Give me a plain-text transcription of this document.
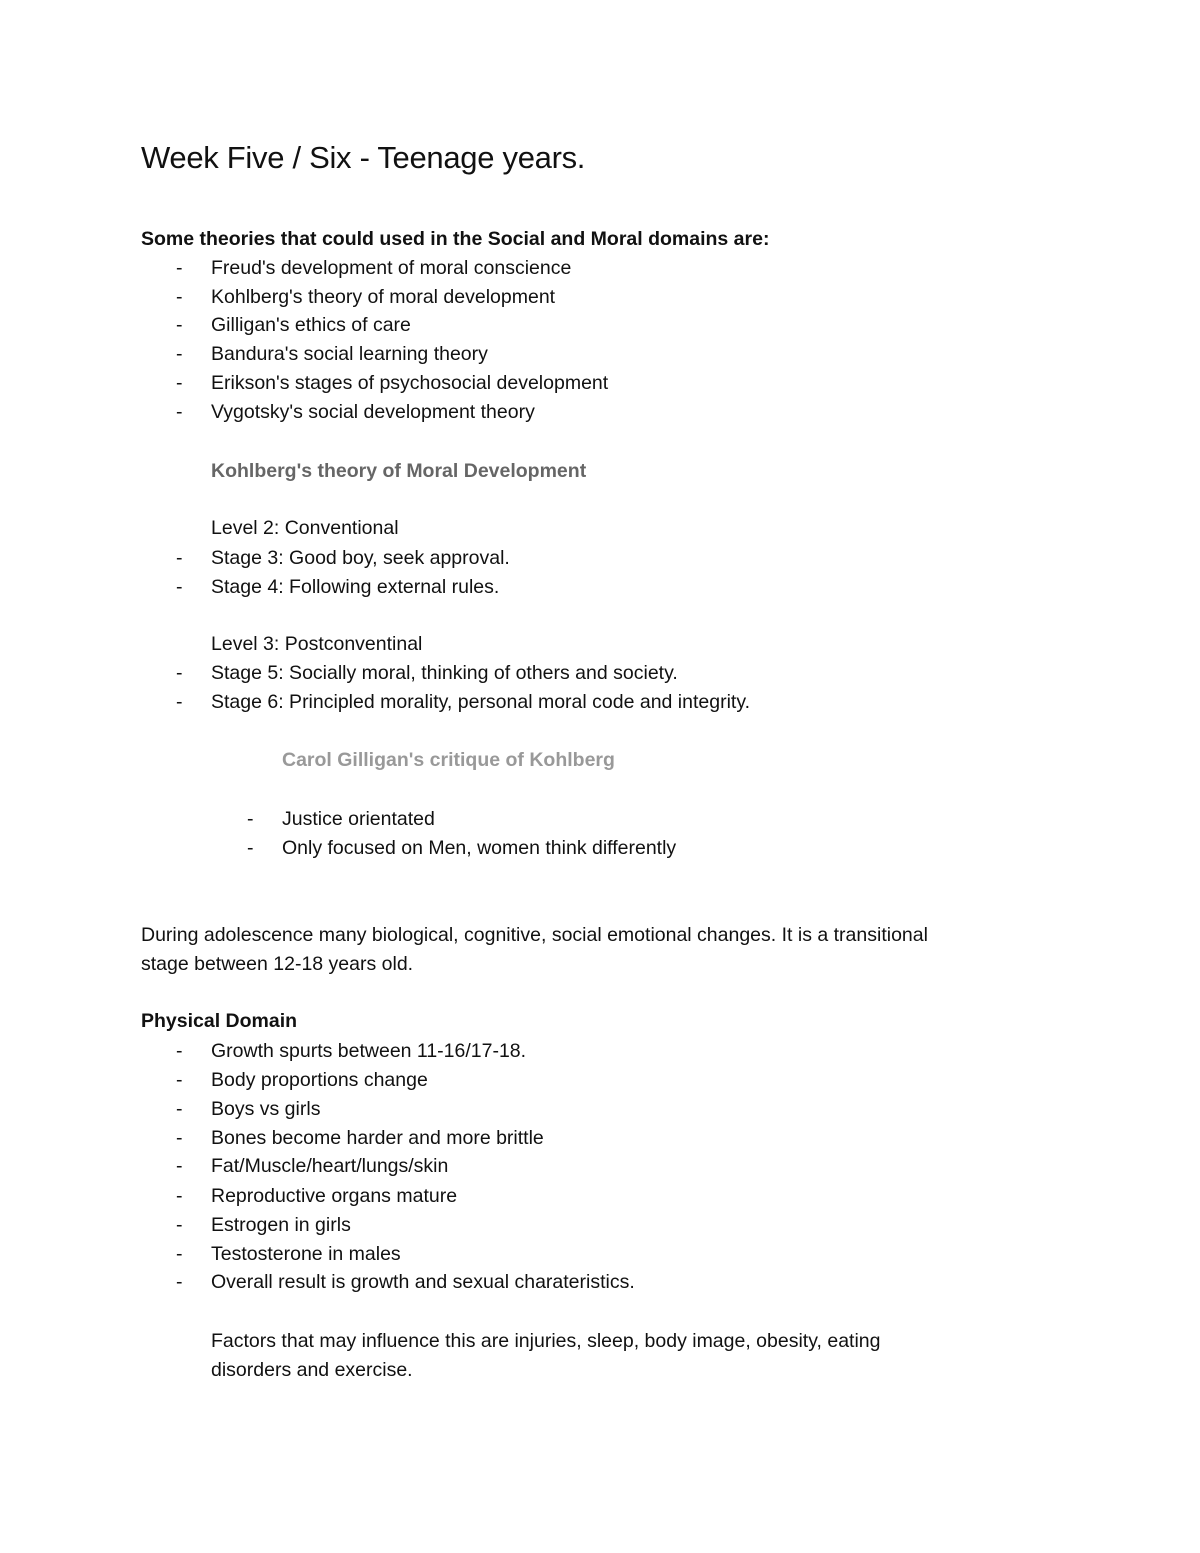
Week Five / Six - Teenage years.

Some theories that could used in the Social and Moral domains are:

- Freud's development of moral conscience
- Kohlberg's theory of moral development
- Gilligan's ethics of care
- Bandura's social learning theory
- Erikson's stages of psychosocial development
- Vygotsky's social development theory

Kohlberg's theory of Moral Development

Level 2: Conventional

- Stage 3: Good boy, seek approval.
- Stage 4: Following external rules.

Level 3: Postconventinal

- Stage 5: Socially moral, thinking of others and society.
- Stage 6: Principled morality, personal moral code and integrity.

Carol Gilligan's critique of Kohlberg

- Justice orientated
- Only focused on Men, women think differently

During adolescence many biological, cognitive, social emotional changes. It is a transitional

stage between 12-18 years old.

Physical Domain

- Growth spurts between 11-16/17-18.
- Body proportions change
- Boys vs girls
- Bones become harder and more brittle
- Fat/Muscle/heart/lungs/skin
- Reproductive organs mature
- Estrogen in girls
- Testosterone in males
- Overall result is growth and sexual charateristics.

Factors that may influence this are injuries, sleep, body image, obesity, eating

disorders and exercise.
